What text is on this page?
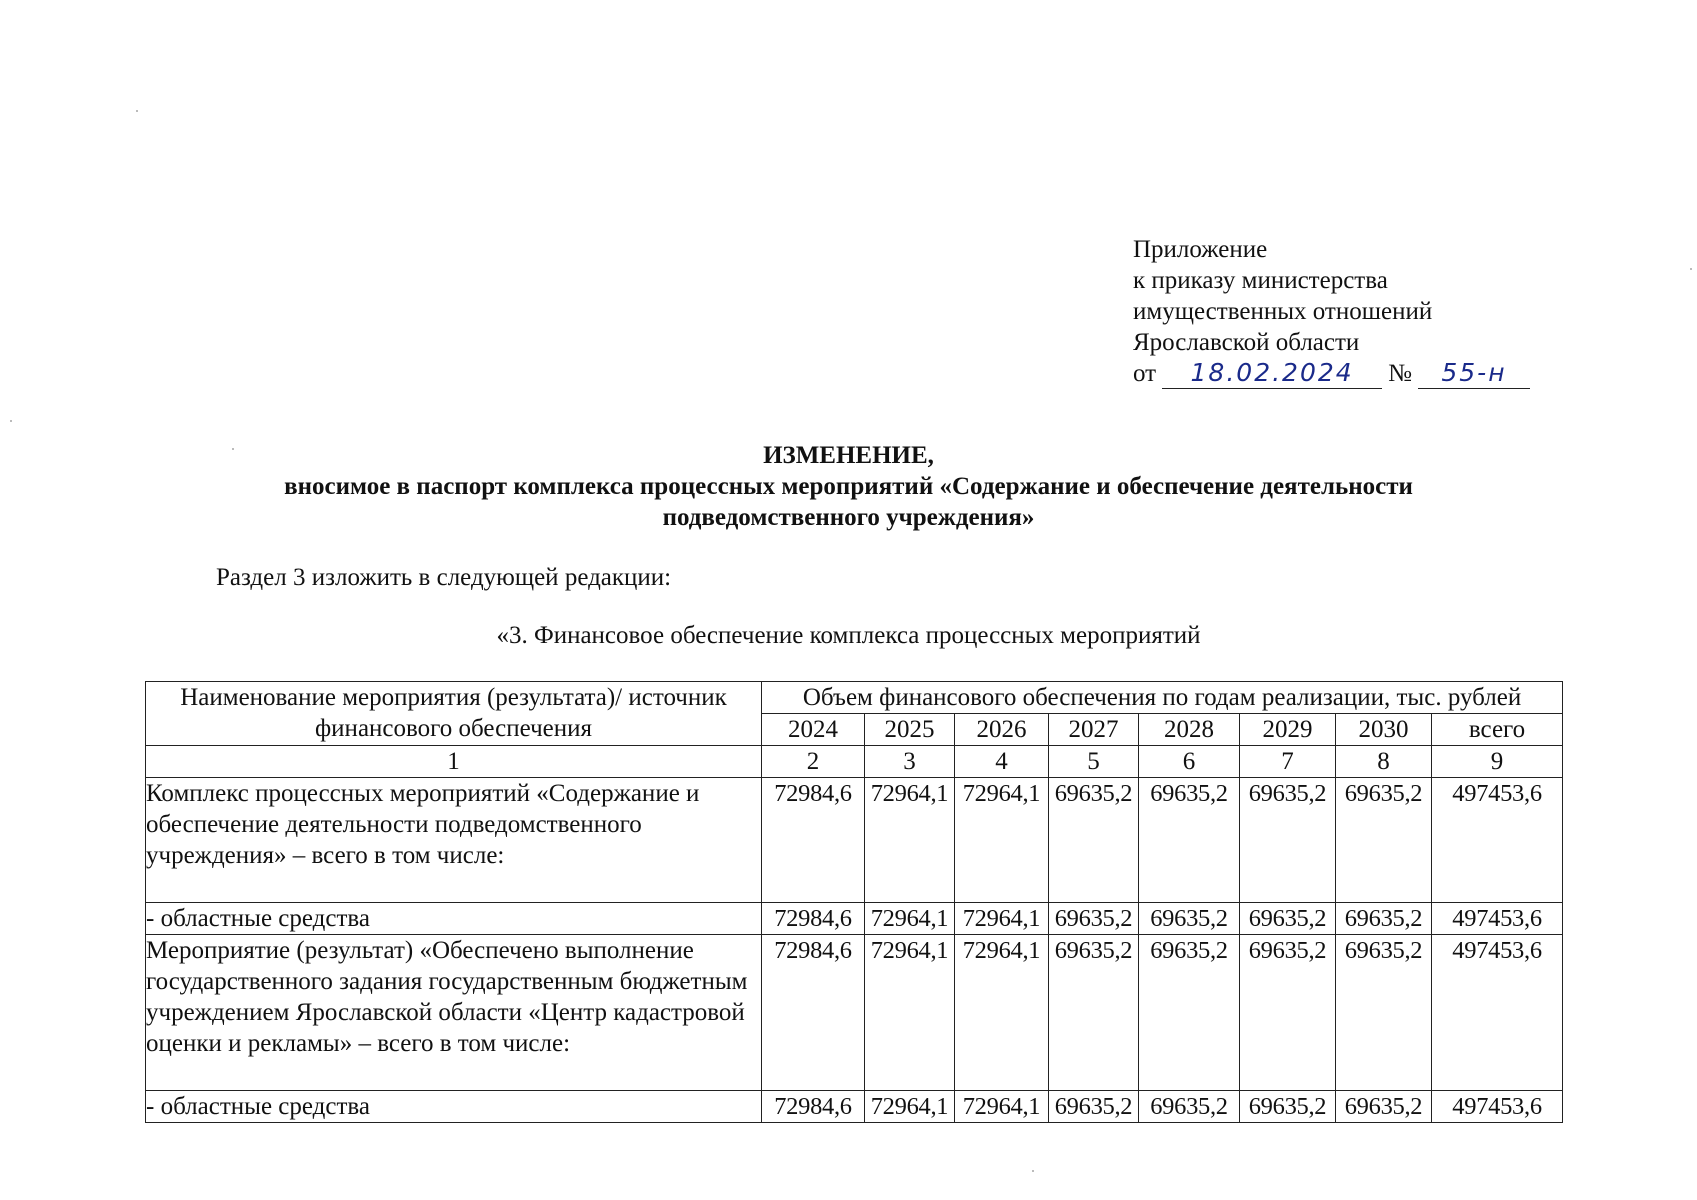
Приложение
к приказу министерства
имущественных отношений
Ярославской области
от	18.02.2024	№	55-н
ИЗМЕНЕНИЕ,
вносимое в паспорт комплекса процессных мероприятий «Содержание и обеспечение деятельности
подведомственного учреждения»
Раздел 3 изложить в следующей редакции:
«3. Финансовое обеспечение комплекса процессных мероприятий
Наименование мероприятия (результата)/ источник финансового обеспечения	Объем финансового обеспечения по годам реализации, тыс. рублей							
	2024	2025	2026	2027	2028	2029	2030	всего
1	2	3	4	5	6	7	8	9
Комплекс процессных мероприятий «Содержание и обеспечение деятельности подведомственного учреждения» – всего в том числе:	72984,6	72964,1	72964,1	69635,2	69635,2	69635,2	69635,2	497453,6
- областные средства	72984,6	72964,1	72964,1	69635,2	69635,2	69635,2	69635,2	497453,6
Мероприятие (результат) «Обеспечено выполнение государственного задания государственным бюджетным учреждением Ярославской области «Центр кадастровой оценки и рекламы» – всего в том числе:	72984,6	72964,1	72964,1	69635,2	69635,2	69635,2	69635,2	497453,6
- областные средства	72984,6	72964,1	72964,1	69635,2	69635,2	69635,2	69635,2	497453,6
